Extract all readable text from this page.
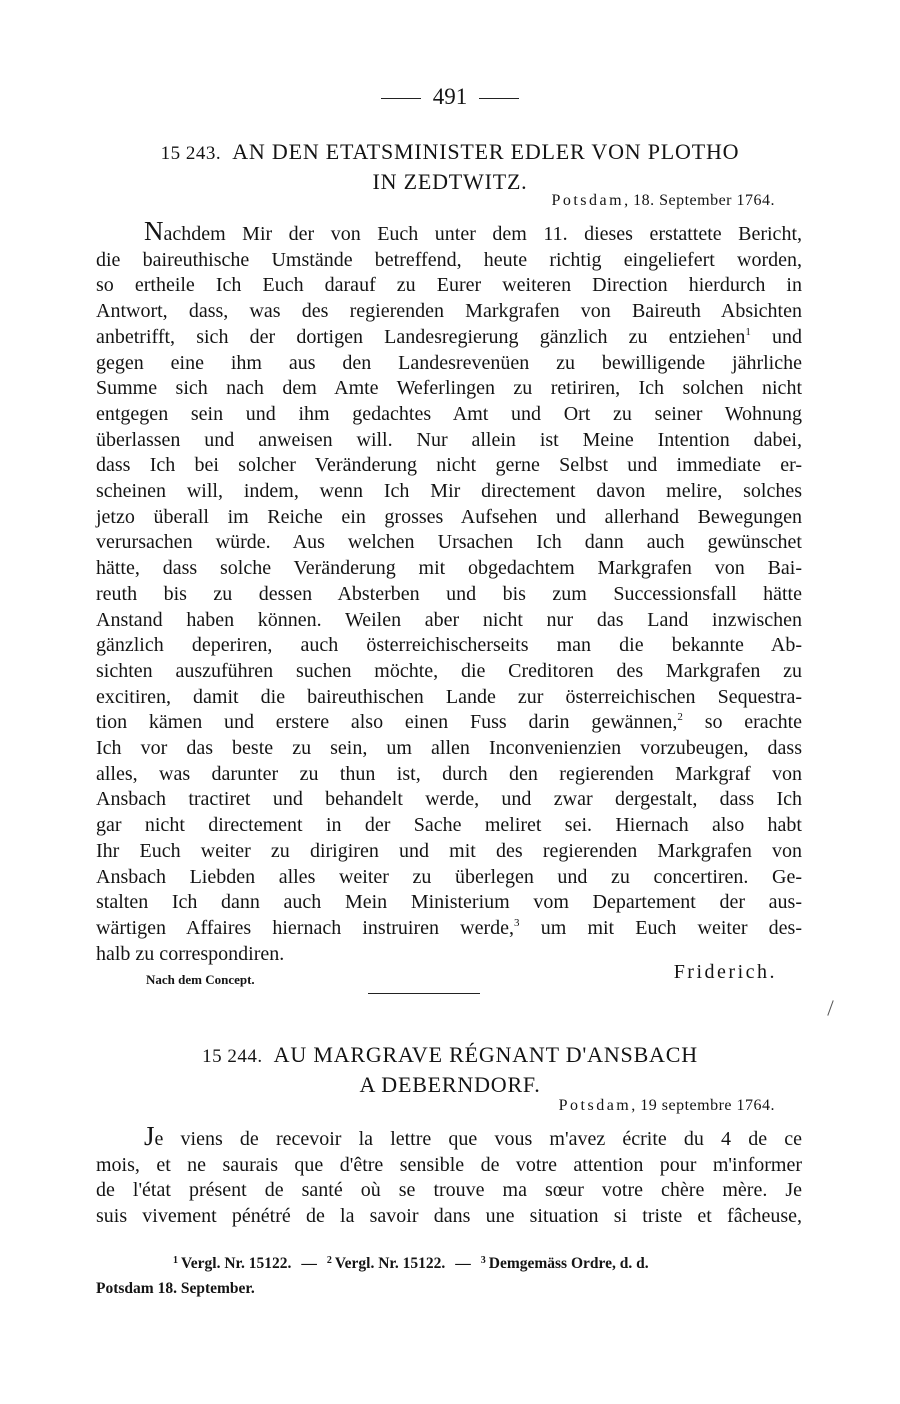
491
15 243. AN DEN ETATSMINISTER EDLER VON PLOTHO
IN ZEDTWITZ.
Potsdam, 18. September 1764.
Nachdem Mir der von Euch unter dem 11. dieses erstattete Bericht,
die baireuthische Umstände betreffend, heute richtig eingeliefert worden,
so ertheile Ich Euch darauf zu Eurer weiteren Direction hierdurch in
Antwort, dass, was des regierenden Markgrafen von Baireuth Absichten
anbetrifft, sich der dortigen Landesregierung gänzlich zu entziehen$^1$ und
gegen eine ihm aus den Landesrevenüen zu bewilligende jährliche
Summe sich nach dem Amte Weferlingen zu retiriren, Ich solchen nicht
entgegen sein und ihm gedachtes Amt und Ort zu seiner Wohnung
überlassen und anweisen will. Nur allein ist Meine Intention dabei,
dass Ich bei solcher Veränderung nicht gerne Selbst und immediate er-
scheinen will, indem, wenn Ich Mir directement davon melire, solches
jetzo überall im Reiche ein grosses Aufsehen und allerhand Bewegungen
verursachen würde. Aus welchen Ursachen Ich dann auch gewünschet
hätte, dass solche Veränderung mit obgedachtem Markgrafen von Bai-
reuth bis zu dessen Absterben und bis zum Successionsfall hätte
Anstand haben können. Weilen aber nicht nur das Land inzwischen
gänzlich deperiren, auch österreichischerseits man die bekannte Ab-
sichten auszuführen suchen möchte, die Creditoren des Markgrafen zu
excitiren, damit die baireuthischen Lande zur österreichischen Sequestra-
tion kämen und erstere also einen Fuss darin gewännen,$^2$ so erachte
Ich vor das beste zu sein, um allen Inconvenienzien vorzubeugen, dass
alles, was darunter zu thun ist, durch den regierenden Markgraf von
Ansbach tractiret und behandelt werde, und zwar dergestalt, dass Ich
gar nicht directement in der Sache meliret sei. Hiernach also habt
Ihr Euch weiter zu dirigiren und mit des regierenden Markgrafen von
Ansbach Liebden alles weiter zu überlegen und zu concertiren. Ge-
stalten Ich dann auch Mein Ministerium vom Departement der aus-
wärtigen Affaires hiernach instruiren werde,$^3$ um mit Euch weiter des-
halb zu correspondiren.
Nach dem Concept.	Friderich.
15 244. AU MARGRAVE RÉGNANT D'ANSBACH
A DEBERNDORF.
Potsdam, 19 septembre 1764.
Je viens de recevoir la lettre que vous m'avez écrite du 4 de ce
mois, et ne saurais que d'être sensible de votre attention pour m'informer
de l'état présent de santé où se trouve ma sœur votre chère mère. Je
suis vivement pénétré de la savoir dans une situation si triste et fâcheuse,
$^1$ Vergl. Nr. 15122. — $^2$ Vergl. Nr. 15122. — $^3$ Demgemäss Ordre, d. d.
Potsdam 18. September.
